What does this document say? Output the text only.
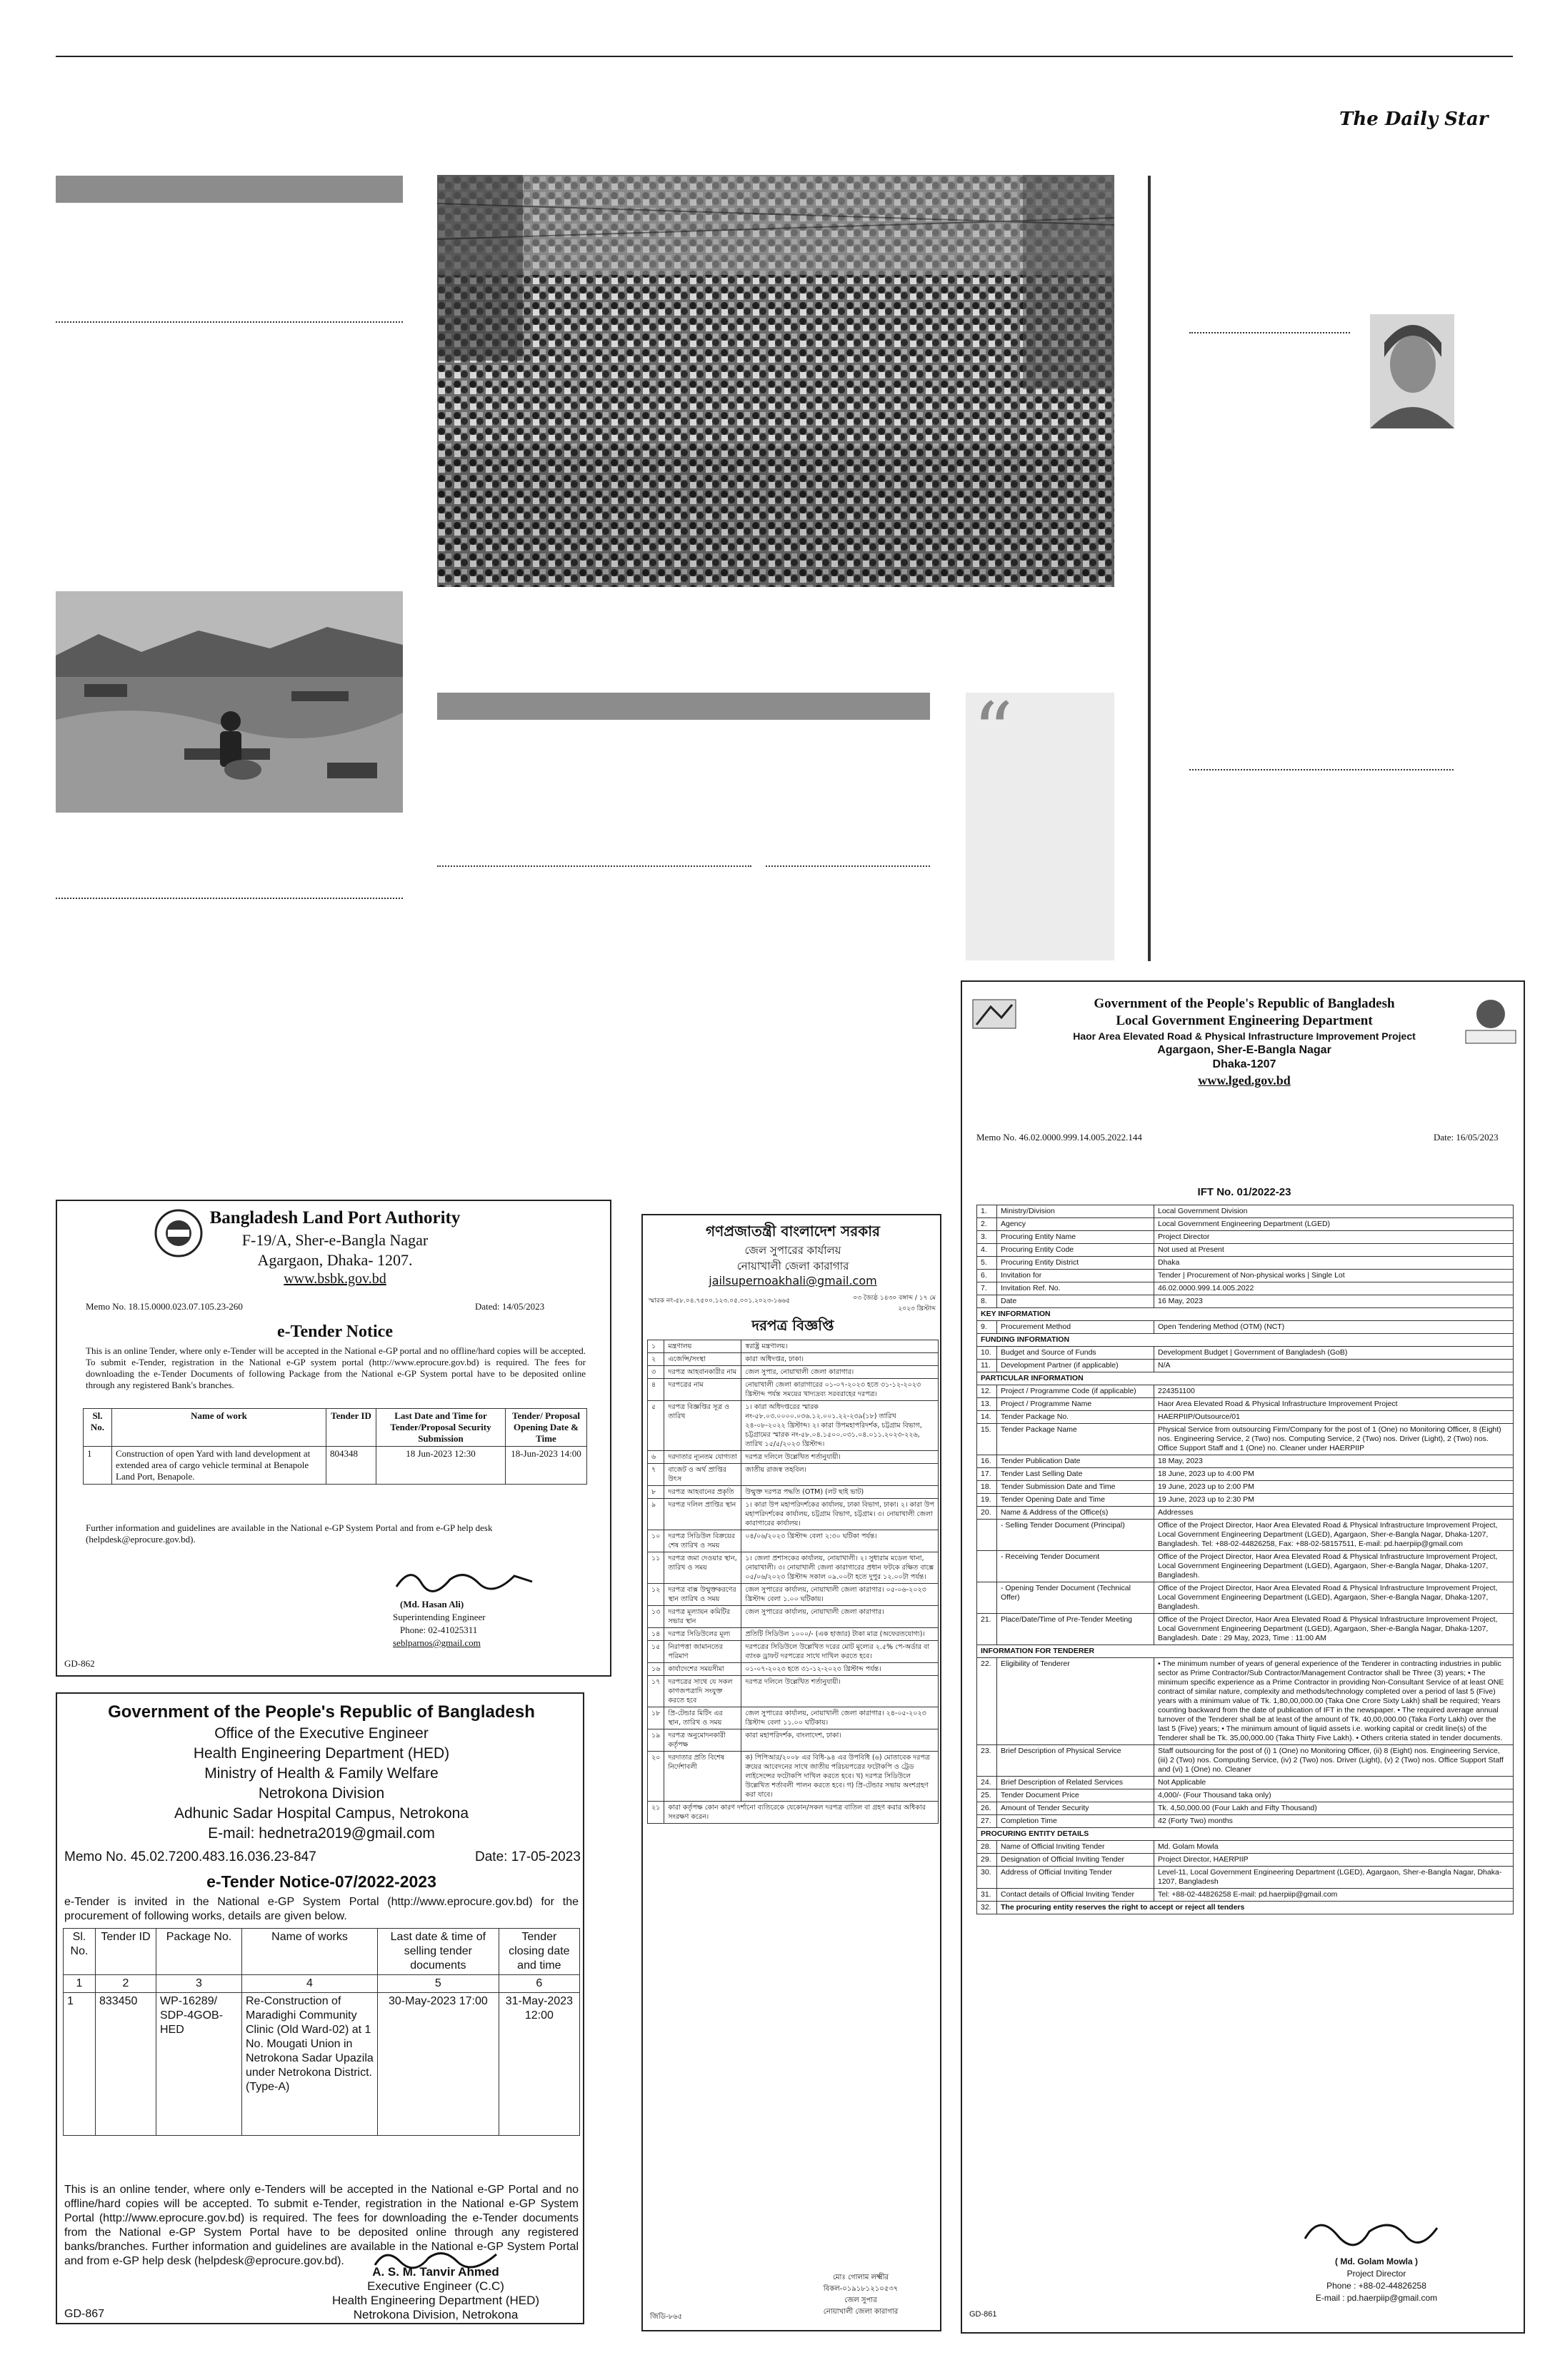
The Daily Star
“
Bangladesh Land Port Authority
F-19/A, Sher-e-Bangla Nagar
Agargaon, Dhaka- 1207.
www.bsbk.gov.bd
Memo No. 18.15.0000.023.07.105.23-260	Dated: 14/05/2023
e-Tender Notice
This is an online Tender, where only e-Tender will be accepted in the National e-GP portal and no offline/hard copies will be accepted. To submit e-Tender, registration in the National e-GP system portal (http://www.eprocure.gov.bd) is required. The fees for downloading the e-Tender Documents of following Package from the National e-GP System portal have to be deposited online through any registered Bank's branches.
Sl. No.	Name of work	Tender ID	Last Date and Time for Tender/Proposal Security Submission	Tender/ Proposal Opening Date & Time
1	Construction of open Yard with land development at extended area of cargo vehicle terminal at Benapole Land Port, Benapole.	804348	18 Jun-2023 12:30	18-Jun-2023 14:00
Further information and guidelines are available in the National e-GP System Portal and from e-GP help desk (helpdesk@eprocure.gov.bd).
(Md. Hasan Ali)
Superintending Engineer
Phone: 02-41025311
seblparnos@gmail.com
GD-862
Government of the People's Republic of Bangladesh
Office of the Executive Engineer
Health Engineering Department (HED)
Ministry of Health & Family Welfare
Netrokona Division
Adhunic Sadar Hospital Campus, Netrokona
E-mail: hednetra2019@gmail.com
Memo No. 45.02.7200.483.16.036.23-847	Date: 17-05-2023
e-Tender Notice-07/2022-2023
e-Tender is invited in the National e-GP System Portal (http://www.eprocure.gov.bd) for the procurement of following works, details are given below.
Sl. No.	Tender ID	Package No.	Name of works	Last date & time of selling tender documents	Tender closing date and time
1	2	3	4	5	6
1	833450	WP-16289/ SDP-4GOB-HED	Re-Construction of Maradighi Community Clinic (Old Ward-02) at 1 No. Mougati Union in Netrokona Sadar Upazila under Netrokona District. (Type-A)	30-May-2023 17:00	31-May-2023 12:00
This is an online tender, where only e-Tenders will be accepted in the National e-GP Portal and no offline/hard copies will be accepted. To submit e-Tender, registration in the National e-GP System Portal (http://www.eprocure.gov.bd) is required. The fees for downloading the e-Tender documents from the National e-GP System Portal have to be deposited online through any registered banks/branches. Further information and guidelines are available in the National e-GP System Portal and from e-GP help desk (helpdesk@eprocure.gov.bd).
A. S. M. Tanvir Ahmed
Executive Engineer (C.C)
Health Engineering Department (HED)
Netrokona Division, Netrokona
GD-867
গণপ্রজাতন্ত্রী বাংলাদেশ সরকার
জেল সুপারের কার্যালয়
নোয়াখালী জেলা কারাগার
jailsupernoakhali@gmail.com
স্মারক নং-৫৮.০৪.৭৫০০.১২৩.০৫.০০১.২০২৩-১৬৬৫	০৩ জ্যৈষ্ঠ ১৪৩০ বঙ্গাব্দ / ১৭ মে ২০২৩ খ্রিস্টাব্দ
দরপত্র বিজ্ঞপ্তি
১	মন্ত্রণালয়	স্বরাষ্ট্র মন্ত্রণালয়।
২	এজেন্সি/সংস্থা	কারা অধিদপ্তর, ঢাকা।
৩	দরপত্র আহবানকারীর নাম	জেল সুপার, নোয়াখালী জেলা কারাগার।
৪	দরপত্রের নাম	নোয়াখালী জেলা কারাগারের ০১-০৭-২০২৩ হতে ৩১-১২-২০২৩ খ্রিস্টাব্দ পর্যন্ত সময়ের খাদ্যদ্রব্য সরবরাহের দরপত্র।
৫	দরপত্র বিজ্ঞপ্তির সূত্র ও তারিখ	১। কারা অধিদপ্তরের স্মারক নং-৫৮.০৩.০০০০.০৩৬.১২.০০১.২২-২৩৯(১৮) তারিখ ২৪-০৮-২০২২ খ্রিস্টাব্দ। ২। কারা উপমহাপরিদর্শক, চট্টগ্রাম বিভাগ, চট্টগ্রামের স্মারক নং-৫৮.০৪.১৫০০.০৩১.০৪.০১১.২০২৩-২২৬, তারিখ ১৫/৫/২০২৩ খ্রিস্টাব্দ।
৬	দরদাতার ন্যূনতম যোগ্যতা	দরপত্র দলিলে উল্লেখিত শর্তানুযায়ী।
৭	বাজেট ও অর্থ প্রাপ্তির উৎস	জাতীয় রাজস্ব তহবিল।
৮	দরপত্র আহবানের প্রকৃতি	উন্মুক্ত দরপত্র পদ্ধতি (OTM) (লট ছাই ভাট)
৯	দরপত্র দলিল প্রাপ্তির স্থান	১। কারা উপ মহাপরিদর্শকের কার্যালয়, ঢাকা বিভাগ, ঢাকা। ২। কারা উপ মহাপরিদর্শকের কার্যালয়, চট্টগ্রাম বিভাগ, চট্টগ্রাম। ৩। নোয়াখালী জেলা কারাগারের কার্যালয়।
১০	দরপত্র সিডিউল বিক্রয়ের শেষ তারিখ ও সময়	০৪/০৬/২০২৩ খ্রিস্টাব্দ বেলা ২:৩০ ঘটিকা পর্যন্ত।
১১	দরপত্র জমা দেওয়ার স্থান, তারিখ ও সময়	১। জেলা প্রশাসকের কার্যালয়, নোয়াখালী। ২। সুধারাম মডেল থানা, নোয়াখালী। ৩। নোয়াখালী জেলা কারাগারের প্রধান ফটকে রক্ষিত বাক্সে ০৫/০৬/২০২৩ খ্রিস্টাব্দ সকাল ০৯.০০টা হতে দুপুর ১২.০০টা পর্যন্ত।
১২	দরপত্র বাক্স উন্মুক্তকরণের স্থান তারিখ ও সময়	জেল সুপারের কার্যালয়, নোয়াখালী জেলা কারাগার। ০৫-০৬-২০২৩ খ্রিস্টাব্দ বেলা ১.০০ ঘটিকায়।
১৩	দরপত্র মূল্যায়ন কমিটির সভার স্থান	জেল সুপারের কার্যালয়, নোয়াখালী জেলা কারাগার।
১৪	দরপত্র সিডিউলের মূল্য	প্রতিটি সিডিউল ১০০০/- (এক হাজার) টাকা মাত্র (অফেরতযোগ্য)।
১৫	নিরাপত্তা জামানতের পরিমাণ	দরপত্রের সিডিউলে উল্লেখিত দরের মোট মূল্যের ২.৫% পে-অর্ডার বা ব্যাংক ড্রাফট দরপত্রের সাথে দাখিল করতে হবে।
১৬	কার্যাদেশের সময়সীমা	০১-০৭-২০২৩ হতে ৩১-১২-২০২৩ খ্রিস্টাব্দ পর্যন্ত।
১৭	দরপত্রের সাথে যে সকল কাগজপত্রাদি সংযুক্ত করতে হবে	দরপত্র দলিলে উল্লেখিত শর্তানুযায়ী।
১৮	প্রি-টেন্ডার মিটিং এর স্থান, তারিখ ও সময়	জেল সুপারের কার্যালয়, নোয়াখালী জেলা কারাগার। ২৪-০৫-২০২৩ খ্রিস্টাব্দ বেলা ১১.০০ ঘটিকায়।
১৯	দরপত্র অনুমোদনকারী কর্তৃপক্ষ	কারা মহাপরিদর্শক, বাংলাদেশ, ঢাকা।
২০	দরদাতার প্রতি বিশেষ নির্দেশাবলী	ক) পিপিআর/২০০৮ এর বিধি-৯৪ এর উপবিধি (৬) মোতাবেক দরপত্র ক্রয়ের আবেদনের সাথে জাতীয় পরিচয়পত্রের ফটোকপি ও ট্রেড লাইসেন্সের ফটোকপি দাখিল করতে হবে। খ) দরপত্র সিডিউলে উল্লেখিত শর্তাবলী পালন করতে হবে। গ) প্রি-টেন্ডার সভায় অংশগ্রহণ করা যাবে।
২১	কারা কর্তৃপক্ষ কোন কারণ দর্শানো ব্যতিরেকে যেকোন/সকল দরপত্র বাতিল বা গ্রহণ করার অধিকার সংরক্ষণ করেন।	
মোঃ গোলাম লক্ষ্মীর
বিকল-০১৯১৮১২১০৫৩৭
জেল সুপার
নোয়াখালী জেলা কারাগার
জিডি-৮৬৫
Government of the People's Republic of Bangladesh
Local Government Engineering Department
Haor Area Elevated Road & Physical Infrastructure Improvement Project
Agargaon, Sher-E-Bangla Nagar
Dhaka-1207
www.lged.gov.bd
Memo No. 46.02.0000.999.14.005.2022.144	Date: 16/05/2023
IFT No. 01/2022-23
1.	Ministry/Division	Local Government Division
2.	Agency	Local Government Engineering Department (LGED)
3.	Procuring Entity Name	Project Director
4.	Procuring Entity Code	Not used at Present
5.	Procuring Entity District	Dhaka
6.	Invitation for	Tender | Procurement of Non-physical works | Single Lot
7.	Invitation Ref. No.	46.02.0000.999.14.005.2022
8.	Date	16 May, 2023
KEY INFORMATION		
9.	Procurement Method	Open Tendering Method (OTM) (NCT)
FUNDING INFORMATION		
10.	Budget and Source of Funds	Development Budget | Government of Bangladesh (GoB)
11.	Development Partner (if applicable)	N/A
PARTICULAR INFORMATION		
12.	Project / Programme Code (if applicable)	224351100
13.	Project / Programme Name	Haor Area Elevated Road & Physical Infrastructure Improvement Project
14.	Tender Package No.	HAERPIIP/Outsource/01
15.	Tender Package Name	Physical Service from outsourcing Firm/Company for the post of 1 (One) no Monitoring Officer, 8 (Eight) nos. Engineering Service, 2 (Two) nos. Computing Service, 2 (Two) nos. Driver (Light), 2 (Two) nos. Office Support Staff and 1 (One) no. Cleaner under HAERPIIP
16.	Tender Publication Date	18 May, 2023
17.	Tender Last Selling Date	18 June, 2023 up to 4:00 PM
18.	Tender Submission Date and Time	19 June, 2023 up to 2:00 PM
19.	Tender Opening Date and Time	19 June, 2023 up to 2:30 PM
20.	Name & Address of the Office(s)	Addresses
	- Selling Tender Document (Principal)	Office of the Project Director, Haor Area Elevated Road & Physical Infrastructure Improvement Project, Local Government Engineering Department (LGED), Agargaon, Sher-e-Bangla Nagar, Dhaka-1207, Bangladesh. Tel: +88-02-44826258, Fax: +88-02-58157511, E-mail: pd.haerpiip@gmail.com
	- Receiving Tender Document	Office of the Project Director, Haor Area Elevated Road & Physical Infrastructure Improvement Project, Local Government Engineering Department (LGED), Agargaon, Sher-e-Bangla Nagar, Dhaka-1207, Bangladesh.
	- Opening Tender Document (Technical Offer)	Office of the Project Director, Haor Area Elevated Road & Physical Infrastructure Improvement Project, Local Government Engineering Department (LGED), Agargaon, Sher-e-Bangla Nagar, Dhaka-1207, Bangladesh.
21.	Place/Date/Time of Pre-Tender Meeting	Office of the Project Director, Haor Area Elevated Road & Physical Infrastructure Improvement Project, Local Government Engineering Department (LGED), Agargaon, Sher-e-Bangla Nagar, Dhaka-1207, Bangladesh. Date : 29 May, 2023, Time : 11:00 AM
INFORMATION FOR TENDERER		
22.	Eligibility of Tenderer	• The minimum number of years of general experience of the Tenderer in contracting industries in public sector as Prime Contractor/Sub Contractor/Management Contractor shall be Three (3) years; • The minimum specific experience as a Prime Contractor in providing Non-Consultant Service of at least ONE contract of similar nature, complexity and methods/technology completed over a period of last 5 (Five) years with a minimum value of Tk. 1,80,00,000.00 (Taka One Crore Sixty Lakh) shall be required; Years counting backward from the date of publication of IFT in the newspaper. • The required average annual turnover of the Tenderer shall be at least of the amount of Tk. 40,00,000.00 (Taka Forty Lakh) over the last 5 (Five) years; • The minimum amount of liquid assets i.e. working capital or credit line(s) of the Tenderer shall be Tk. 35,00,000.00 (Taka Thirty Five Lakh). • Others criteria stated in tender documents.
23.	Brief Description of Physical Service	Staff outsourcing for the post of (i) 1 (One) no Monitoring Officer, (ii) 8 (Eight) nos. Engineering Service, (iii) 2 (Two) nos. Computing Service, (iv) 2 (Two) nos. Driver (Light), (v) 2 (Two) nos. Office Support Staff and (vi) 1 (One) no. Cleaner
24.	Brief Description of Related Services	Not Applicable
25.	Tender Document Price	4,000/- (Four Thousand taka only)
26.	Amount of Tender Security	Tk. 4,50,000.00 (Four Lakh and Fifty Thousand)
27.	Completion Time	42 (Forty Two) months
PROCURING ENTITY DETAILS		
28.	Name of Official Inviting Tender	Md. Golam Mowla
29.	Designation of Official Inviting Tender	Project Director, HAERPIIP
30.	Address of Official Inviting Tender	Level-11, Local Government Engineering Department (LGED), Agargaon, Sher-e-Bangla Nagar, Dhaka-1207, Bangladesh
31.	Contact details of Official Inviting Tender	Tel: +88-02-44826258 E-mail: pd.haerpiip@gmail.com
32.	The procuring entity reserves the right to accept or reject all tenders	
( Md. Golam Mowla )
Project Director
Phone : +88-02-44826258
E-mail : pd.haerpiip@gmail.com
GD-861
